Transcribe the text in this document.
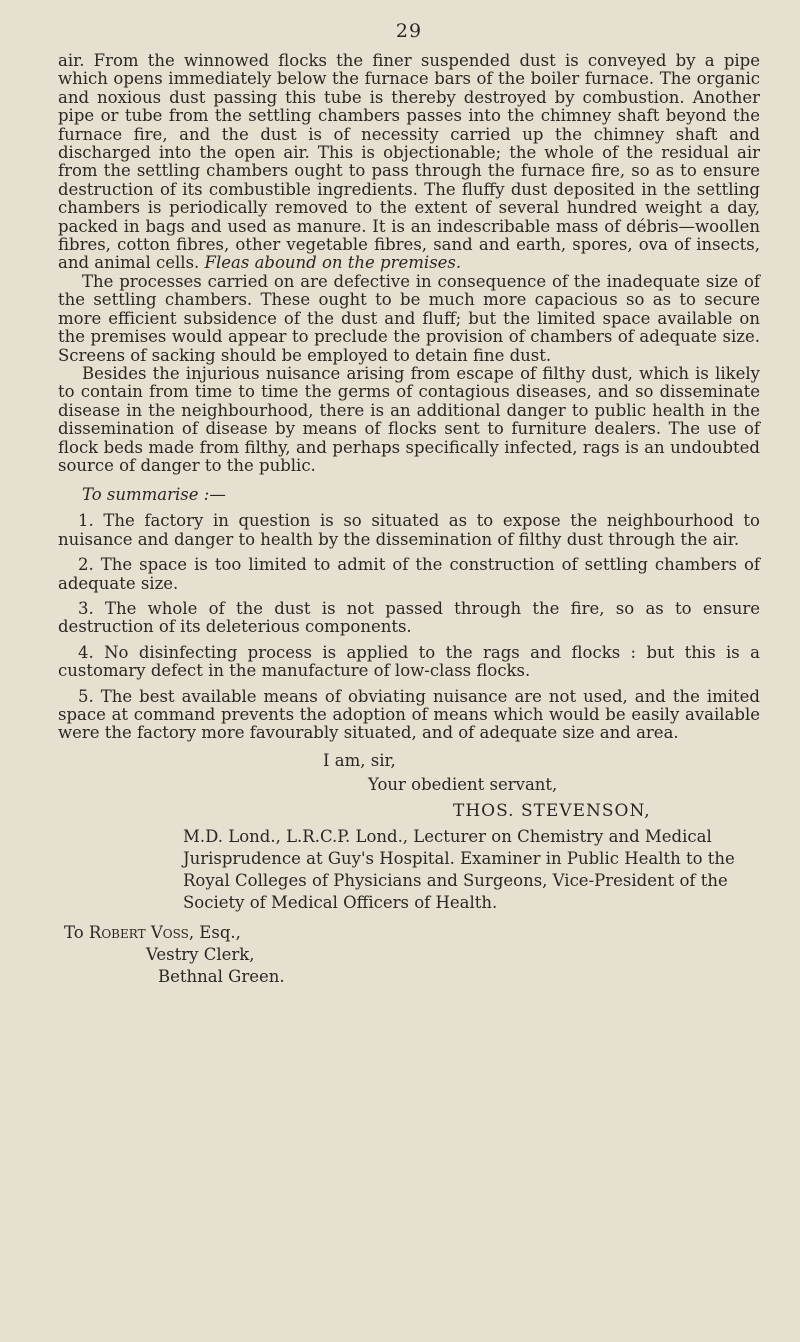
29

air. From the winnowed flocks the finer suspended dust is conveyed by a pipe which opens immediately below the furnace bars of the boiler furnace. The organic and noxious dust passing this tube is thereby destroyed by combustion. Another pipe or tube from the settling chambers passes into the chimney shaft beyond the furnace fire, and the dust is of necessity carried up the chimney shaft and discharged into the open air. This is objectionable; the whole of the residual air from the settling chambers ought to pass through the furnace fire, so as to ensure destruction of its combustible ingredients. The fluffy dust deposited in the settling chambers is periodically removed to the extent of several hundred weight a day, packed in bags and used as manure. It is an indescribable mass of débris—woollen fibres, cotton fibres, other vegetable fibres, sand and earth, spores, ova of insects, and animal cells. Fleas abound on the premises.

The processes carried on are defective in consequence of the inadequate size of the settling chambers. These ought to be much more capacious so as to secure more efficient subsidence of the dust and fluff; but the limited space available on the premises would appear to preclude the provision of chambers of adequate size. Screens of sacking should be employed to detain fine dust.

Besides the injurious nuisance arising from escape of filthy dust, which is likely to contain from time to time the germs of contagious diseases, and so disseminate disease in the neighbourhood, there is an additional danger to public health in the dissemination of disease by means of flocks sent to furniture dealers. The use of flock beds made from filthy, and perhaps specifically infected, rags is an undoubted source of danger to the public.

To summarise :—

1. The factory in question is so situated as to expose the neighbourhood to nuisance and danger to health by the dissemination of filthy dust through the air.

2. The space is too limited to admit of the construction of settling chambers of adequate size.

3. The whole of the dust is not passed through the fire, so as to ensure destruction of its deleterious components.

4. No disinfecting process is applied to the rags and flocks : but this is a customary defect in the manufacture of low-class flocks.

5. The best available means of obviating nuisance are not used, and the imited space at command prevents the adoption of means which would be easily available were the factory more favourably situated, and of adequate size and area.

I am, sir,
Your obedient servant,
THOS. STEVENSON,

M.D. Lond., L.R.C.P. Lond., Lecturer on Chemistry and Medical Jurisprudence at Guy's Hospital. Examiner in Public Health to the Royal Colleges of Physicians and Surgeons, Vice-President of the Society of Medical Officers of Health.

To Robert Voss, Esq.,
Vestry Clerk,
Bethnal Green.
